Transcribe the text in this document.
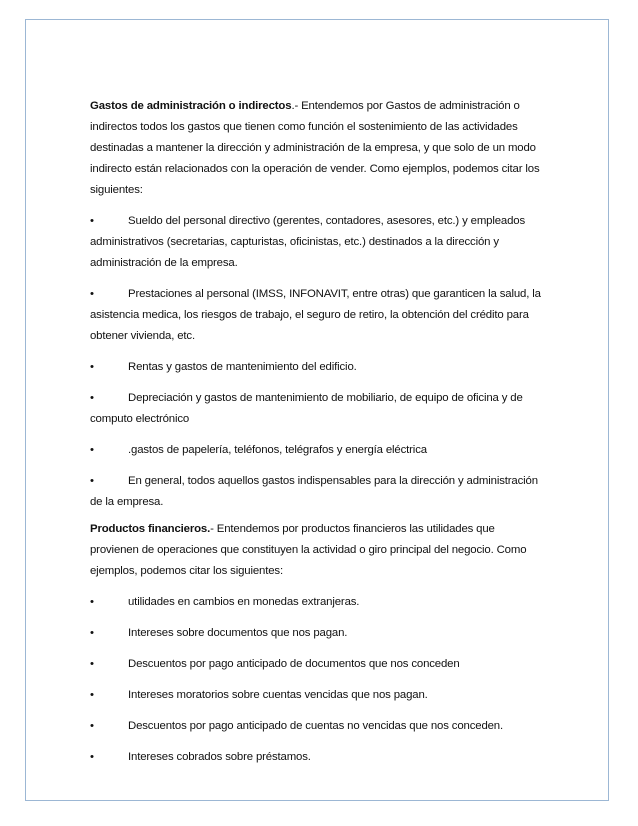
Gastos de administración o indirectos.- Entendemos por Gastos de administración o indirectos todos los gastos que tienen como función el sostenimiento de las actividades destinadas a mantener la dirección y administración de la empresa, y que solo de un modo indirecto están relacionados con la operación de vender. Como ejemplos, podemos citar los siguientes:

•	Sueldo del personal directivo (gerentes, contadores, asesores, etc.) y empleados administrativos (secretarias, capturistas, oficinistas, etc.) destinados a la dirección y administración de la empresa.
•	Prestaciones al personal (IMSS, INFONAVIT, entre otras) que garanticen la salud, la asistencia medica, los riesgos de trabajo, el seguro de retiro, la obtención del crédito para obtener vivienda, etc.
•	Rentas y gastos de mantenimiento del edificio.
•	Depreciación y gastos de mantenimiento de mobiliario, de equipo de oficina y de computo electrónico
•	.gastos de papelería, teléfonos, telégrafos y energía eléctrica
•	En general, todos aquellos gastos indispensables para la dirección y administración de la empresa.

Productos financieros.- Entendemos por productos financieros las utilidades que provienen de operaciones que constituyen la actividad o giro principal del negocio. Como ejemplos, podemos citar los siguientes:

•	utilidades en cambios en monedas extranjeras.
•	Intereses sobre documentos que nos pagan.
•	Descuentos por pago anticipado de documentos que nos conceden
•	Intereses moratorios sobre cuentas vencidas que nos pagan.
•	Descuentos por pago anticipado de cuentas no vencidas que nos conceden.
•	Intereses cobrados sobre préstamos.
